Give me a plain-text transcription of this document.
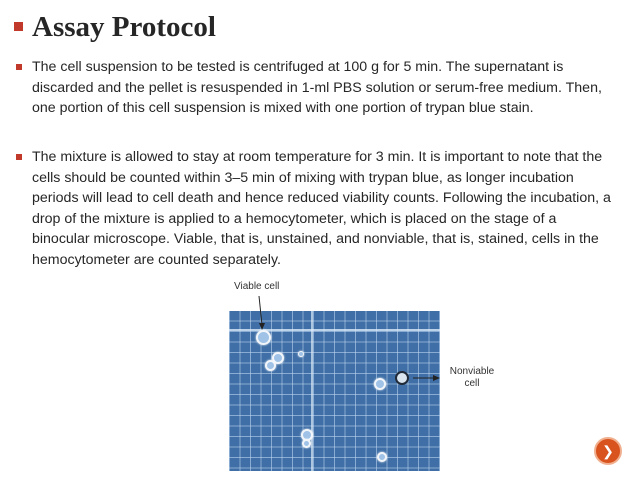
Assay Protocol
The cell suspension to be tested is centrifuged at 100 g for 5 min. The supernatant is discarded and the pellet is resuspended in 1-ml PBS solution or serum-free medium. Then, one portion of this cell suspension is mixed with one portion of trypan blue stain.
The mixture is allowed to stay at room temperature for 3 min. It is important to note that the cells should be counted within 3–5 min of mixing with trypan blue, as longer incubation periods will lead to cell death and hence reduced viability counts. Following the incubation, a drop of the mixture is applied to a hemocytometer, which is placed on the stage of a binocular microscope. Viable, that is, unstained, and nonviable, that is, stained, cells in the hemocytometer are counted separately.
Viable cell
Nonviable cell
❯
